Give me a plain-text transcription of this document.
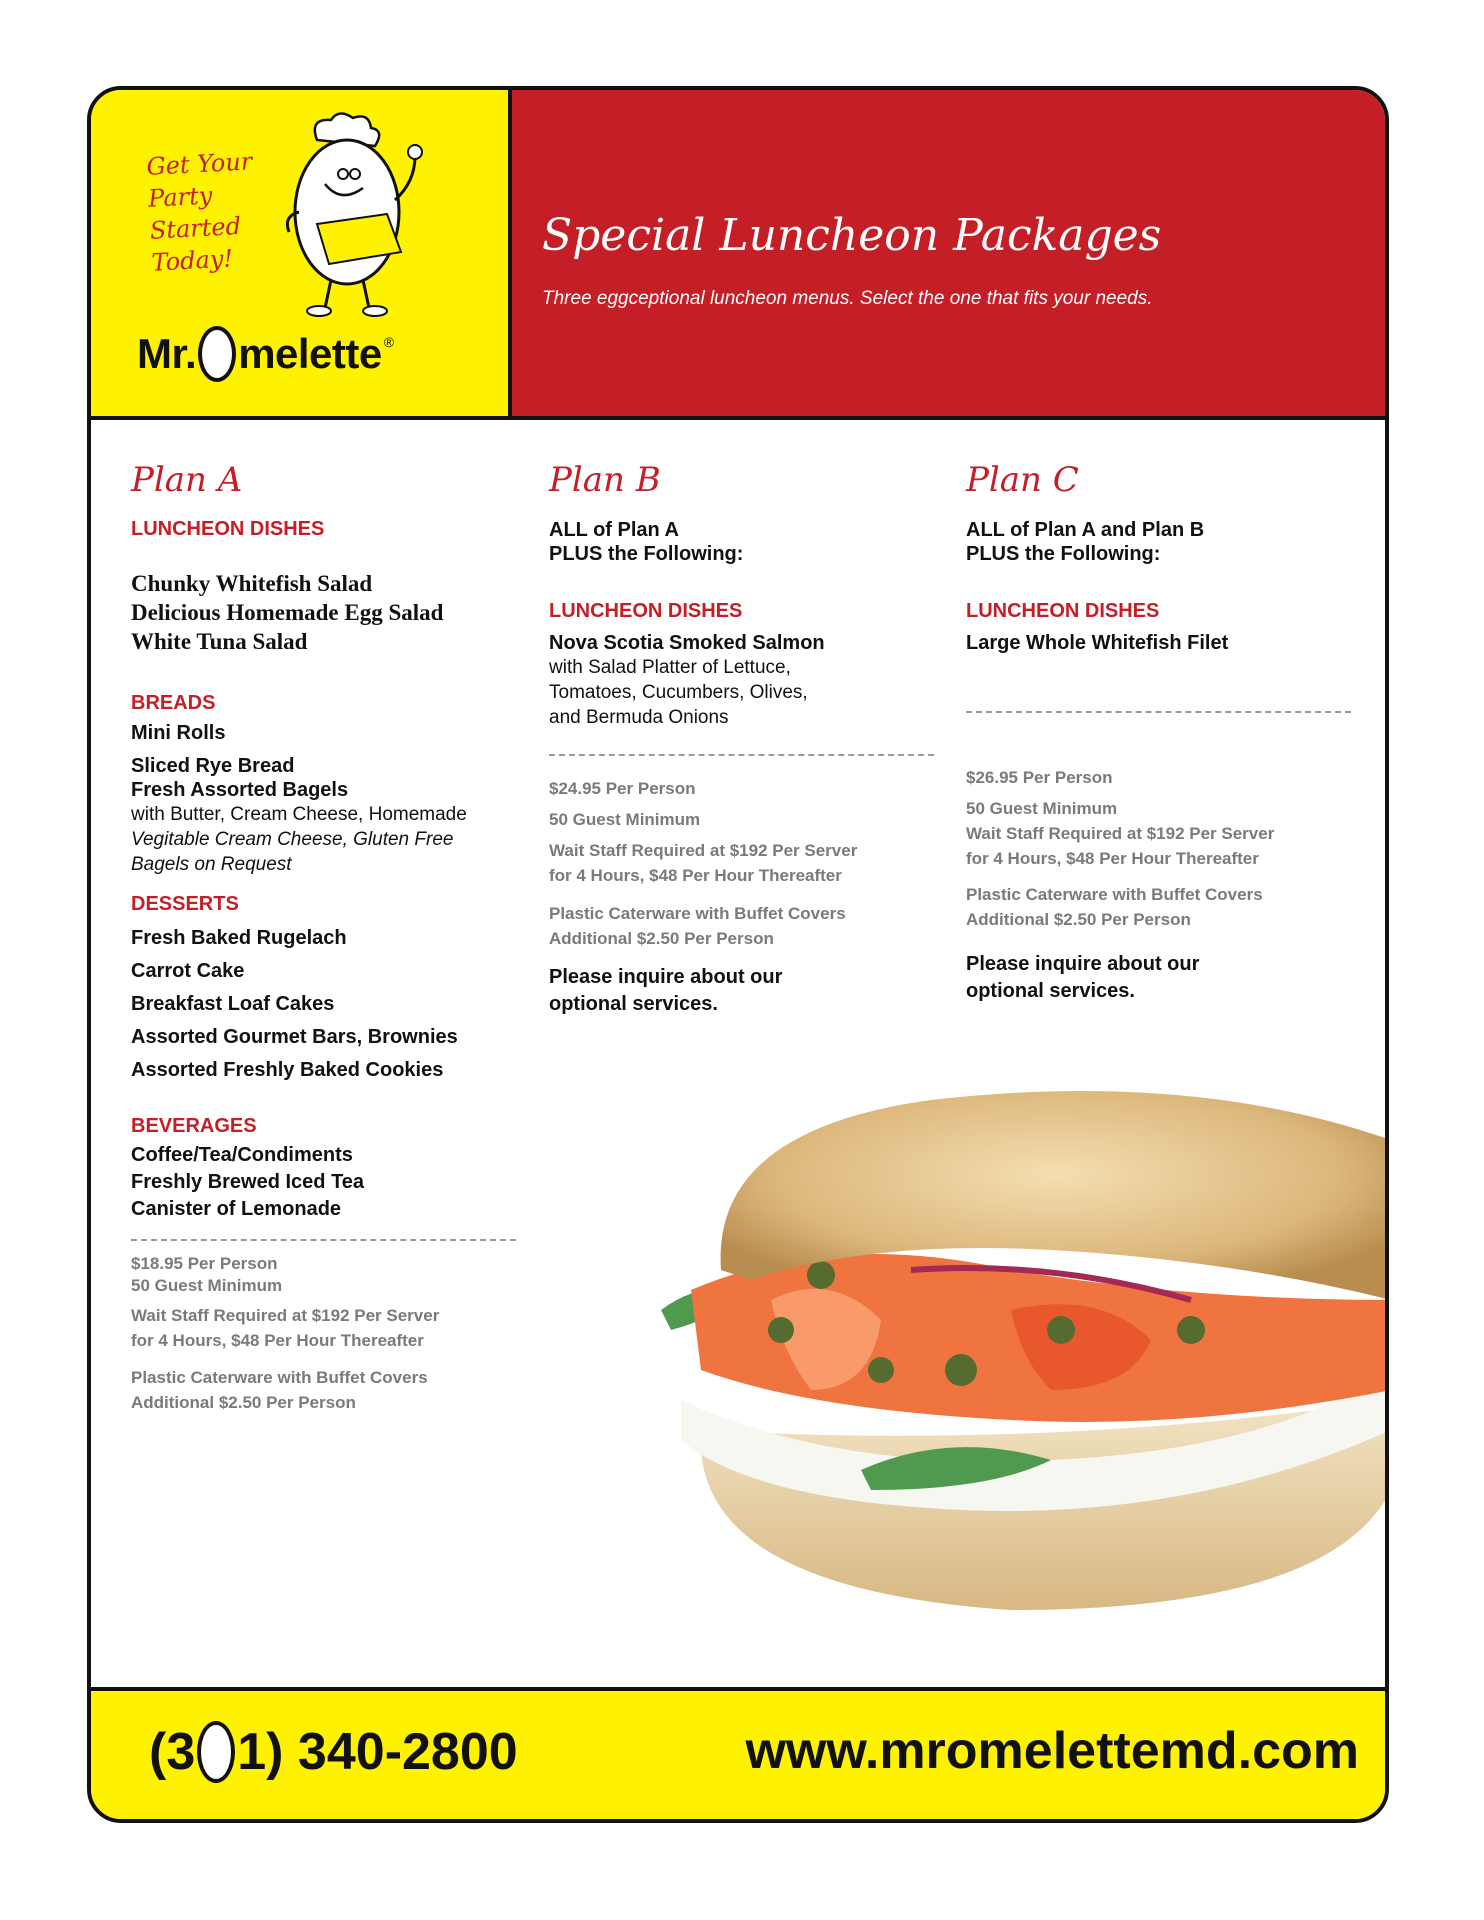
Get Your
Party
Started
Today!
Mr. melette®
Special Luncheon Packages
Three eggceptional luncheon menus. Select the one that fits your needs.

Plan A

LUNCHEON DISHES

Chunky Whitefish Salad

Delicious Homemade Egg Salad

White Tuna Salad

BREADS

Mini Rolls

Sliced Rye Bread

Fresh Assorted Bagels

with Butter, Cream Cheese, Homemade

Vegitable Cream Cheese, Gluten Free

Bagels on Request

DESSERTS

Fresh Baked Rugelach

Carrot Cake

Breakfast Loaf Cakes

Assorted Gourmet Bars, Brownies

Assorted Freshly Baked Cookies

BEVERAGES

Coffee/Tea/Condiments

Freshly Brewed Iced Tea

Canister of Lemonade

$18.95 Per Person

50 Guest Minimum

Wait Staff Required at $192 Per Server

for 4 Hours, $48 Per Hour Thereafter

Plastic Caterware with Buffet Covers

Additional $2.50 Per Person

Plan B

ALL of Plan A

PLUS the Following:

LUNCHEON DISHES

Nova Scotia Smoked Salmon

with Salad Platter of Lettuce,

Tomatoes, Cucumbers, Olives,

and Bermuda Onions

$24.95 Per Person

50 Guest Minimum

Wait Staff Required at $192 Per Server

for 4 Hours, $48 Per Hour Thereafter

Plastic Caterware with Buffet Covers

Additional $2.50 Per Person

Please inquire about our

optional services.

Plan C

ALL of Plan A and Plan B

PLUS the Following:

LUNCHEON DISHES

Large Whole Whitefish Filet

$26.95 Per Person

50 Guest Minimum

Wait Staff Required at $192 Per Server

for 4 Hours, $48 Per Hour Thereafter

Plastic Caterware with Buffet Covers

Additional $2.50 Per Person

Please inquire about our

optional services.

(3 1) 340-2800	www.mromelettemd.com
